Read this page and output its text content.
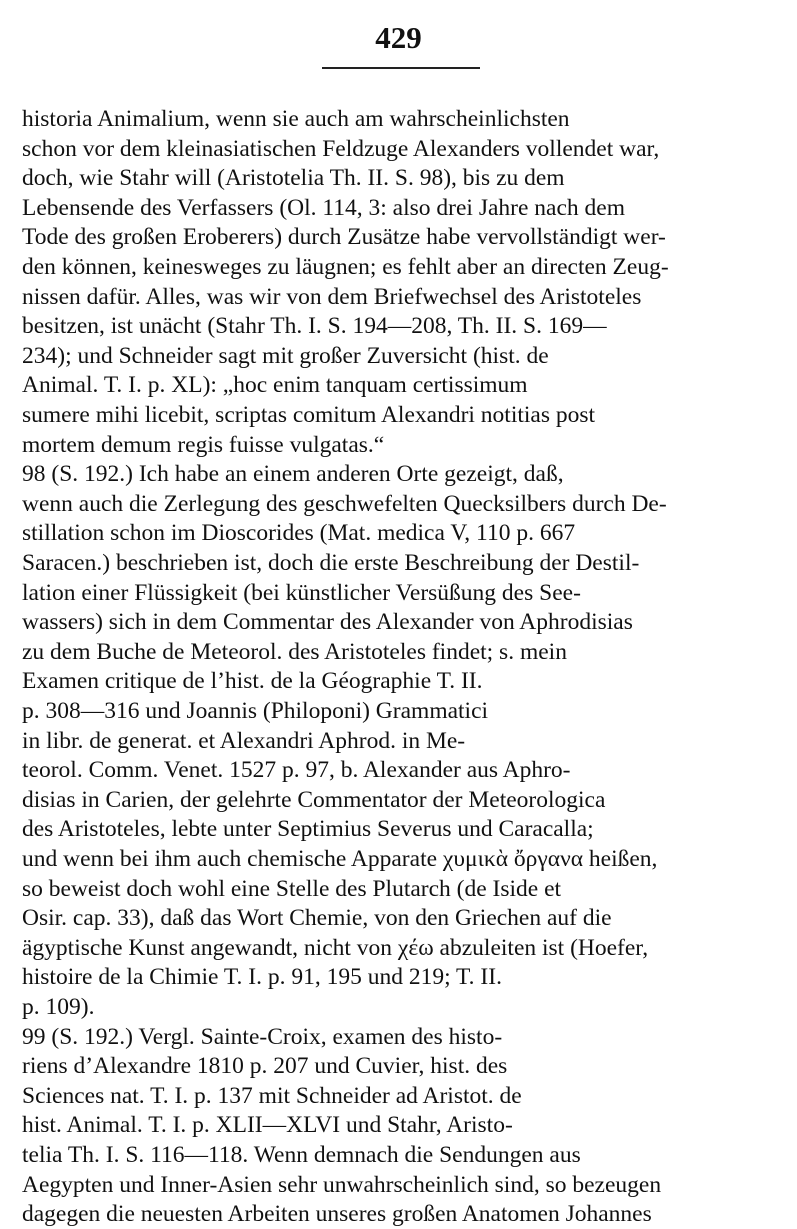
429
historia Animalium, wenn sie auch am wahrscheinlichsten
schon vor dem kleinasiatischen Feldzuge Alexanders vollendet war,
doch, wie Stahr will (Aristotelia Th. II. S. 98), bis zu dem
Lebensende des Verfassers (Ol. 114, 3: also drei Jahre nach dem
Tode des großen Eroberers) durch Zusätze habe vervollständigt wer-
den können, keinesweges zu läugnen; es fehlt aber an directen Zeug-
nissen dafür. Alles, was wir von dem Briefwechsel des Aristoteles
besitzen, ist unächt (Stahr Th. I. S. 194—208, Th. II. S. 169—
234); und Schneider sagt mit großer Zuversicht (hist. de
Animal. T. I. p. XL): „hoc enim tanquam certissimum
sumere mihi licebit, scriptas comitum Alexandri notitias post
mortem demum regis fuisse vulgatas.“
98 (S. 192.) Ich habe an einem anderen Orte gezeigt, daß,
wenn auch die Zerlegung des geschwefelten Quecksilbers durch De-
stillation schon im Dioscorides (Mat. medica V, 110 p. 667
Saracen.) beschrieben ist, doch die erste Beschreibung der Destil-
lation einer Flüssigkeit (bei künstlicher Versüßung des See-
wassers) sich in dem Commentar des Alexander von Aphrodisias
zu dem Buche de Meteorol. des Aristoteles findet; s. mein
Examen critique de l’hist. de la Géographie T. II.
p. 308—316 und Joannis (Philoponi) Grammatici
in libr. de generat. et Alexandri Aphrod. in Me-
teorol. Comm. Venet. 1527 p. 97, b. Alexander aus Aphro-
disias in Carien, der gelehrte Commentator der Meteorologica
des Aristoteles, lebte unter Septimius Severus und Caracalla;
und wenn bei ihm auch chemische Apparate χυμικὰ ὄργανα heißen,
so beweist doch wohl eine Stelle des Plutarch (de Iside et
Osir. cap. 33), daß das Wort Chemie, von den Griechen auf die
ägyptische Kunst angewandt, nicht von χέω abzuleiten ist (Hoefer,
histoire de la Chimie T. I. p. 91, 195 und 219; T. II.
p. 109).
99 (S. 192.) Vergl. Sainte-Croix, examen des histo-
riens d’Alexandre 1810 p. 207 und Cuvier, hist. des
Sciences nat. T. I. p. 137 mit Schneider ad Aristot. de
hist. Animal. T. I. p. XLII—XLVI und Stahr, Aristo-
telia Th. I. S. 116—118. Wenn demnach die Sendungen aus
Aegypten und Inner-Asien sehr unwahrscheinlich sind, so bezeugen
dagegen die neuesten Arbeiten unseres großen Anatomen Johannes
